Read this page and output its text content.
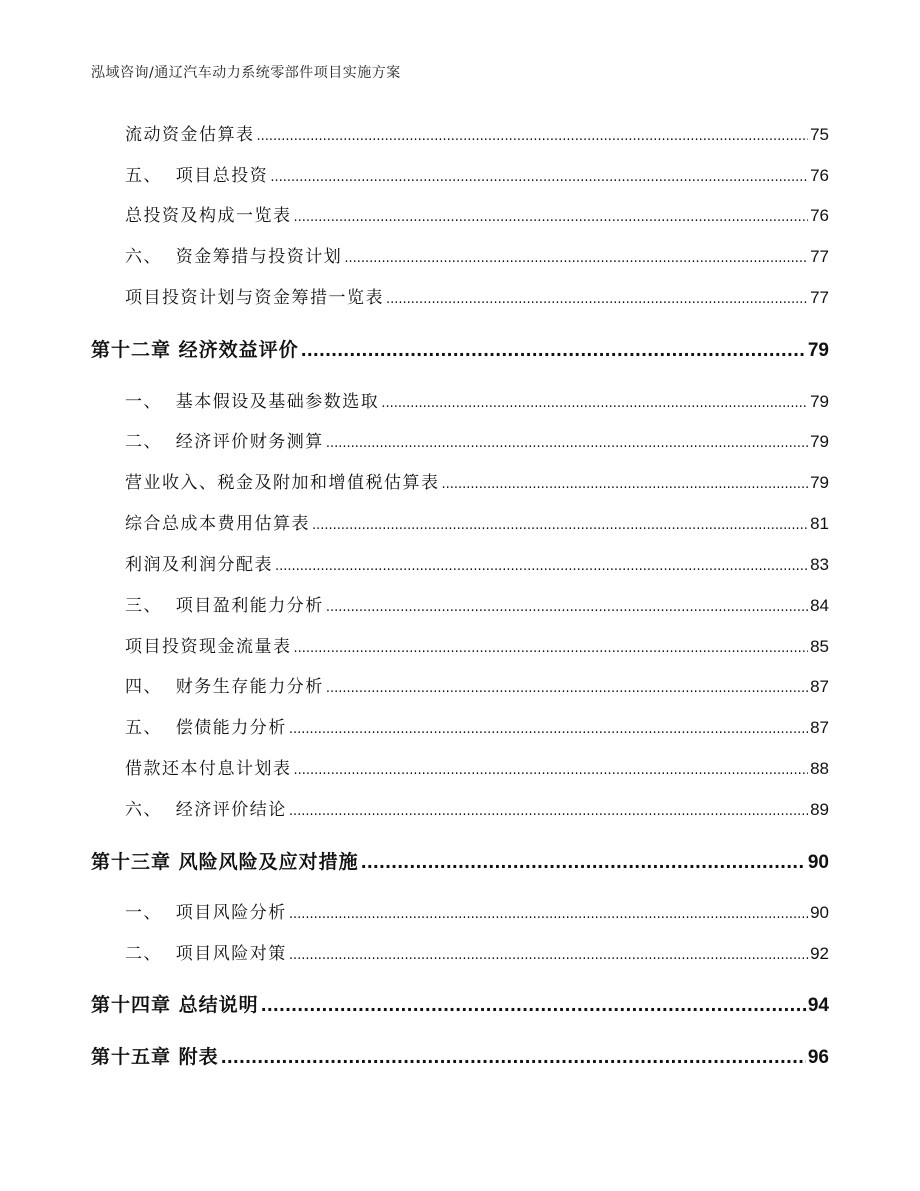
泓域咨询/通辽汽车动力系统零部件项目实施方案
流动资金估算表 .....	75
五、  项目总投资 .....	76
总投资及构成一览表 .....	76
六、  资金筹措与投资计划 .....	77
项目投资计划与资金筹措一览表 .....	77
第十二章 经济效益评价 .....	79
一、  基本假设及基础参数选取 .....	79
二、  经济评价财务测算 .....	79
营业收入、税金及附加和增值税估算表 .....	79
综合总成本费用估算表 .....	81
利润及利润分配表 .....	83
三、  项目盈利能力分析 .....	84
项目投资现金流量表 .....	85
四、  财务生存能力分析 .....	87
五、  偿债能力分析 .....	87
借款还本付息计划表 .....	88
六、  经济评价结论 .....	89
第十三章 风险风险及应对措施 .....	90
一、  项目风险分析 .....	90
二、  项目风险对策 .....	92
第十四章 总结说明 .....	94
第十五章 附表 .....	96
